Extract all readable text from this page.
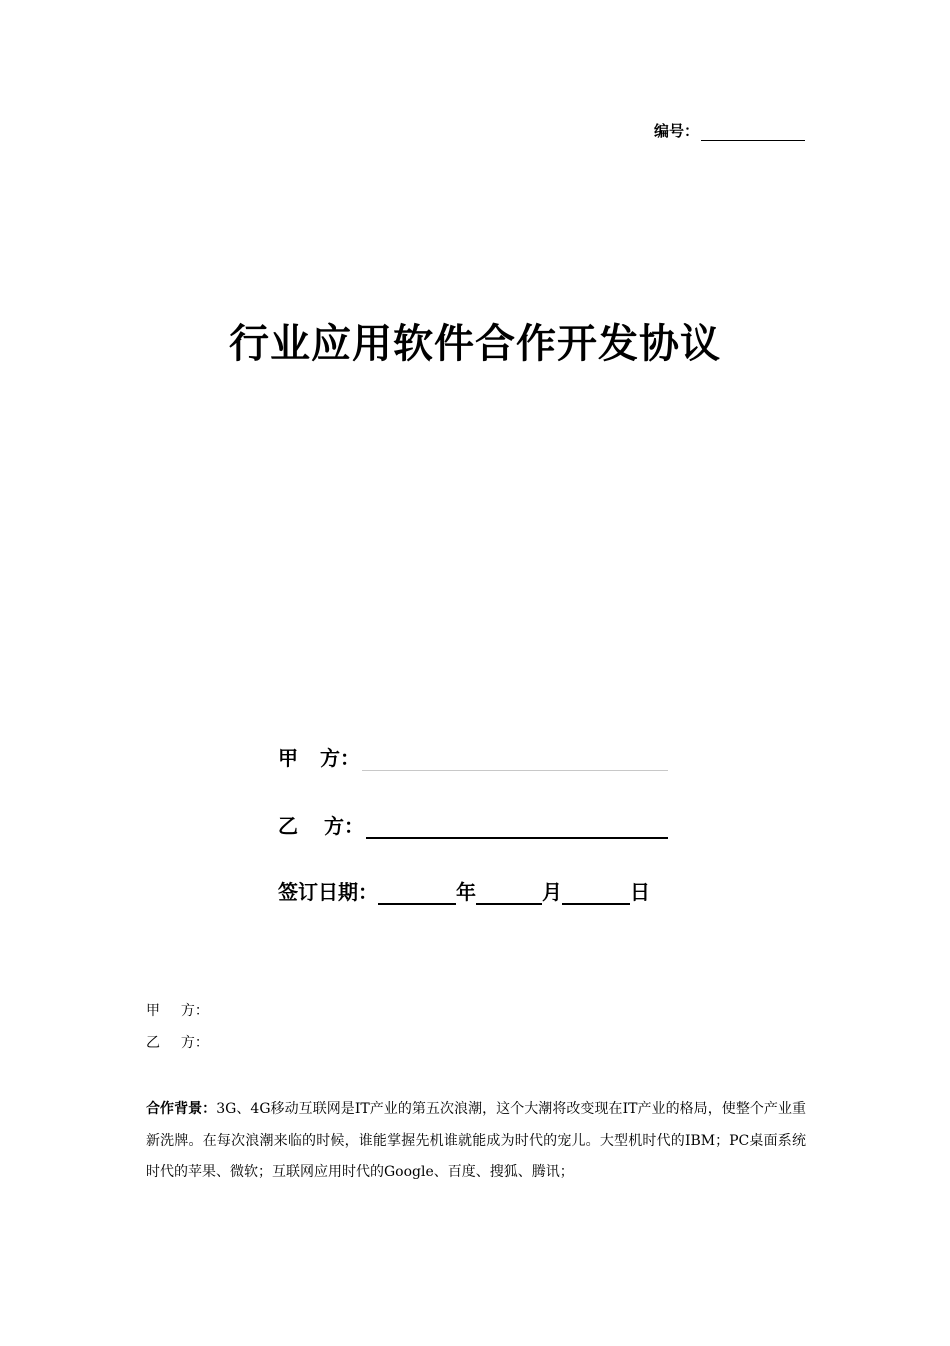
编号：
行业应用软件合作开发协议
甲 方：
乙 方：
签订日期：	年	月	日
甲 方：
乙 方：
合作背景：3G、4G移动互联网是IT产业的第五次浪潮，这个大潮将改变现在IT产业的格局，使整个产业重新洗牌。在每次浪潮来临的时候，谁能掌握先机谁就能成为时代的宠儿。大型机时代的IBM；PC桌面系统时代的苹果、微软；互联网应用时代的Google、百度、搜狐、腾讯；
